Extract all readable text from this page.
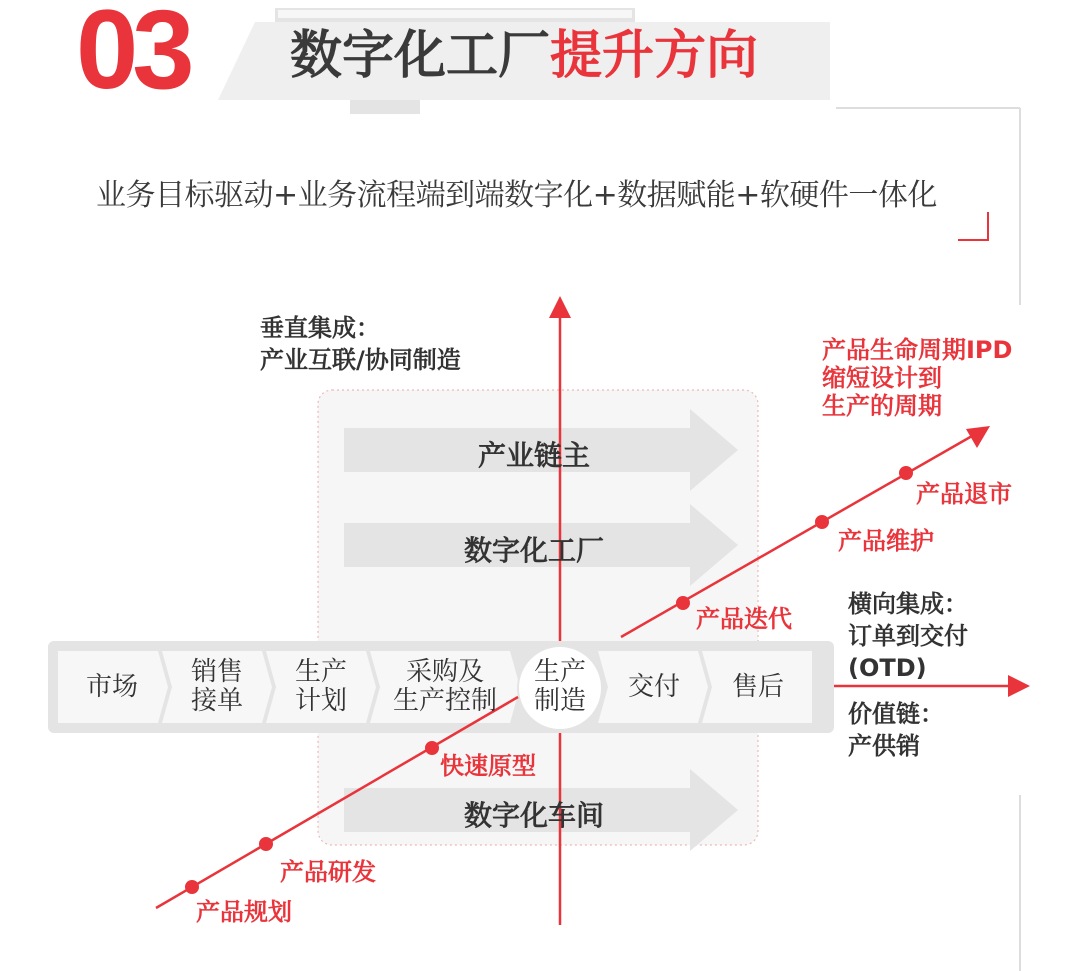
03 数字化工厂提升方向
业务目标驱动+业务流程端到端数字化+数据赋能+软硬件一体化
垂直集成：
产业互联/协同制造
横向集成：
订单到交付
(OTD)
价值链：
产供销
产品生命周期IPD
缩短设计到
生产的周期
产品规划
产品研发
快速原型
产品迭代
产品维护
产品退市
产业链主
数字化工厂
数字化车间
市场	销售
接单
生产
计划
采购及
生产控制
生产
制造	交付	售后
